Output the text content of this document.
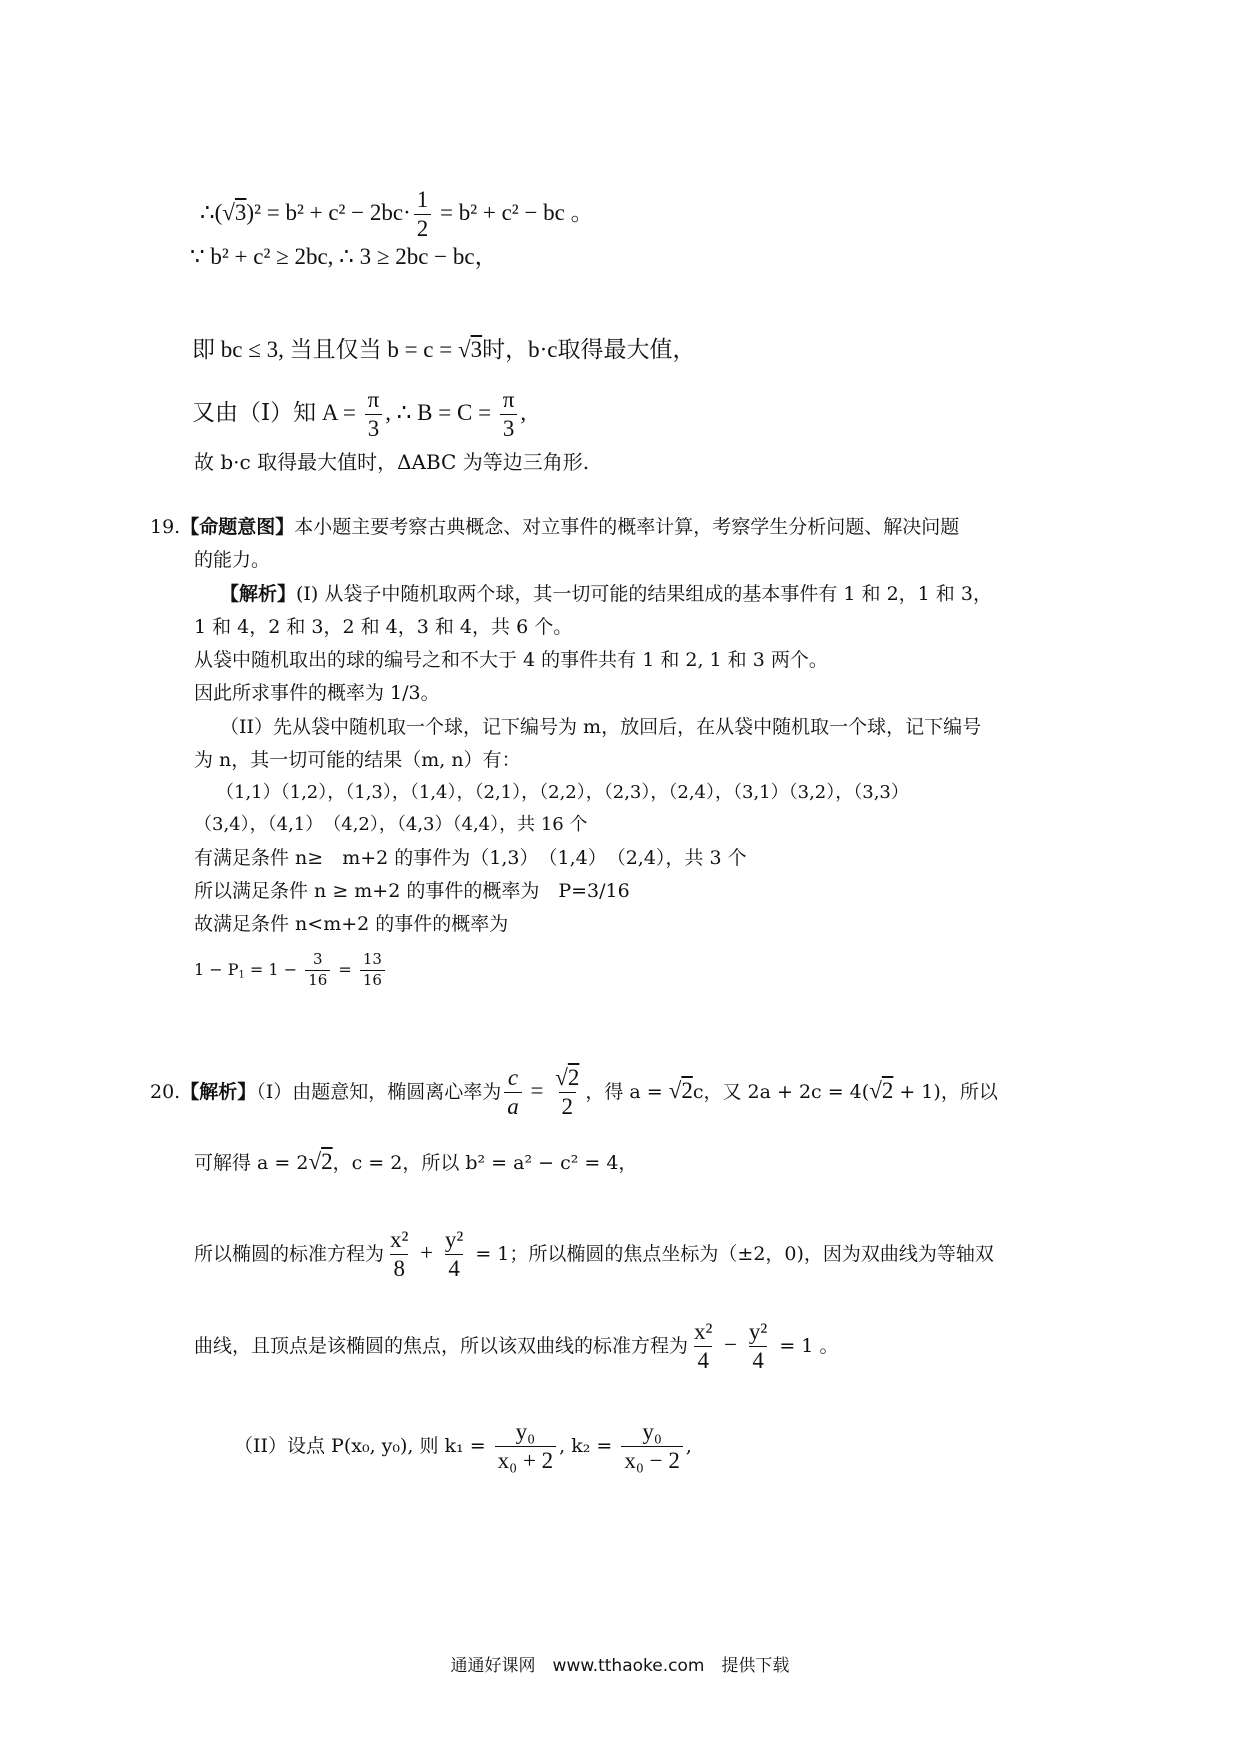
∴(√3)² = $b^2 + c^2 - 2bc\cdot \frac{1}{2} = b^2 + c^2$ − bc 。
∵ b² + c² ≥ 2bc, ∴ 3 ≥ 2bc − bc，
即 bc ≤ 3, 当且仅当 b = c = √3时，b·c取得最大值，
又由（Ⅰ）知 $A = \frac{\pi}{3}$ , ∴ $B = C = \frac{\pi}{3}$ ,
故 b·c 取得最大值时，ΔABC 为等边三角形.
19.【命题意图】本小题主要考察古典概念、对立事件的概率计算，考察学生分析问题、解决问题
的能力。
【解析】(I) 从袋子中随机取两个球，其一切可能的结果组成的基本事件有 1 和 2，1 和 3，
1 和 4，2 和 3，2 和 4，3 和 4，共 6 个。
从袋中随机取出的球的编号之和不大于 4 的事件共有 1 和 2, 1 和 3 两个。
因此所求事件的概率为 1/3。
（II）先从袋中随机取一个球，记下编号为 m，放回后，在从袋中随机取一个球，记下编号
为 n，其一切可能的结果（m, n）有：
（1,1）（1,2），（1,3），（1,4），（2,1），（2,2），（2,3），（2,4），（3,1）（3,2），（3,3）
（3,4），（4,1）　（4,2），（4,3）（4,4），共 16 个
有满足条件 n≥　m+2 的事件为（1,3）　（1,4）　（2,4），共 3 个
所以满足条件 n ≥ m+2 的事件的概率为　P=3/16
故满足条件 n<m+2 的事件的概率为
$1 - P_1 = 1 - \frac{3}{16} = \frac{13}{16}$
20.【解析】（Ⅰ）由题意知，椭圆离心率为 $\frac{c}{a} = \frac{√2}{2}$ ，得 a = √2c，又 2a + 2c = 4(√2 + 1)，所以
可解得 a = 2√2，c = 2，所以 b² = a² − c² = 4，
所以椭圆的标准方程为 $\frac{\text{x²}}{8} + \frac{\text{y²}}{4} = 1$；所以椭圆的焦点坐标为（±2，0)，因为双曲线为等轴双
曲线，且顶点是该椭圆的焦点，所以该双曲线的标准方程为 $\frac{\text{x²}}{4} - \frac{\text{y²}}{4} = 1$ 。
（II）设点 P(x₀, y₀), 则 $k_1 = \frac{\text{y₀}}{\text{x₀ + 2}}$ , $k_2 = \frac{\text{y₀}}{\text{x₀ − 2}}$ ,
通通好课网　www.tthaoke.com　提供下载
